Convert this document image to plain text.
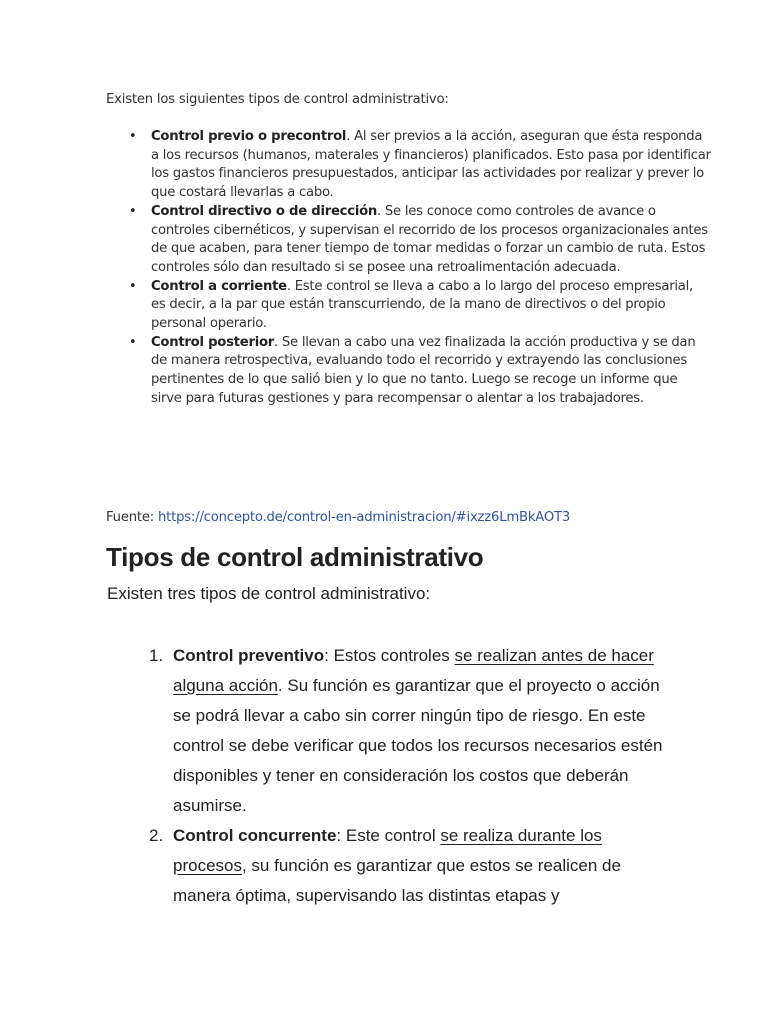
Existen los siguientes tipos de control administrativo:

• Control previo o precontrol. Al ser previos a la acción, aseguran que ésta responda a los recursos (humanos, materales y financieros) planificados. Esto pasa por identificar los gastos financieros presupuestados, anticipar las actividades por realizar y prever lo que costará llevarlas a cabo.
• Control directivo o de dirección. Se les conoce como controles de avance o controles cibernéticos, y supervisan el recorrido de los procesos organizacionales antes de que acaben, para tener tiempo de tomar medidas o forzar un cambio de ruta. Estos controles sólo dan resultado si se posee una retroalimentación adecuada.
• Control a corriente. Este control se lleva a cabo a lo largo del proceso empresarial, es decir, a la par que están transcurriendo, de la mano de directivos o del propio personal operario.
• Control posterior. Se llevan a cabo una vez finalizada la acción productiva y se dan de manera retrospectiva, evaluando todo el recorrido y extrayendo las conclusiones pertinentes de lo que salió bien y lo que no tanto. Luego se recoge un informe que sirve para futuras gestiones y para recompensar o alentar a los trabajadores.

Fuente: https://concepto.de/control-en-administracion/#ixzz6LmBkAOT3

Tipos de control administrativo

Existen tres tipos de control administrativo:

1. Control preventivo: Estos controles se realizan antes de hacer alguna acción. Su función es garantizar que el proyecto o acción se podrá llevar a cabo sin correr ningún tipo de riesgo. En este control se debe verificar que todos los recursos necesarios estén disponibles y tener en consideración los costos que deberán asumirse.
2. Control concurrente: Este control se realiza durante los procesos, su función es garantizar que estos se realicen de manera óptima, supervisando las distintas etapas y
